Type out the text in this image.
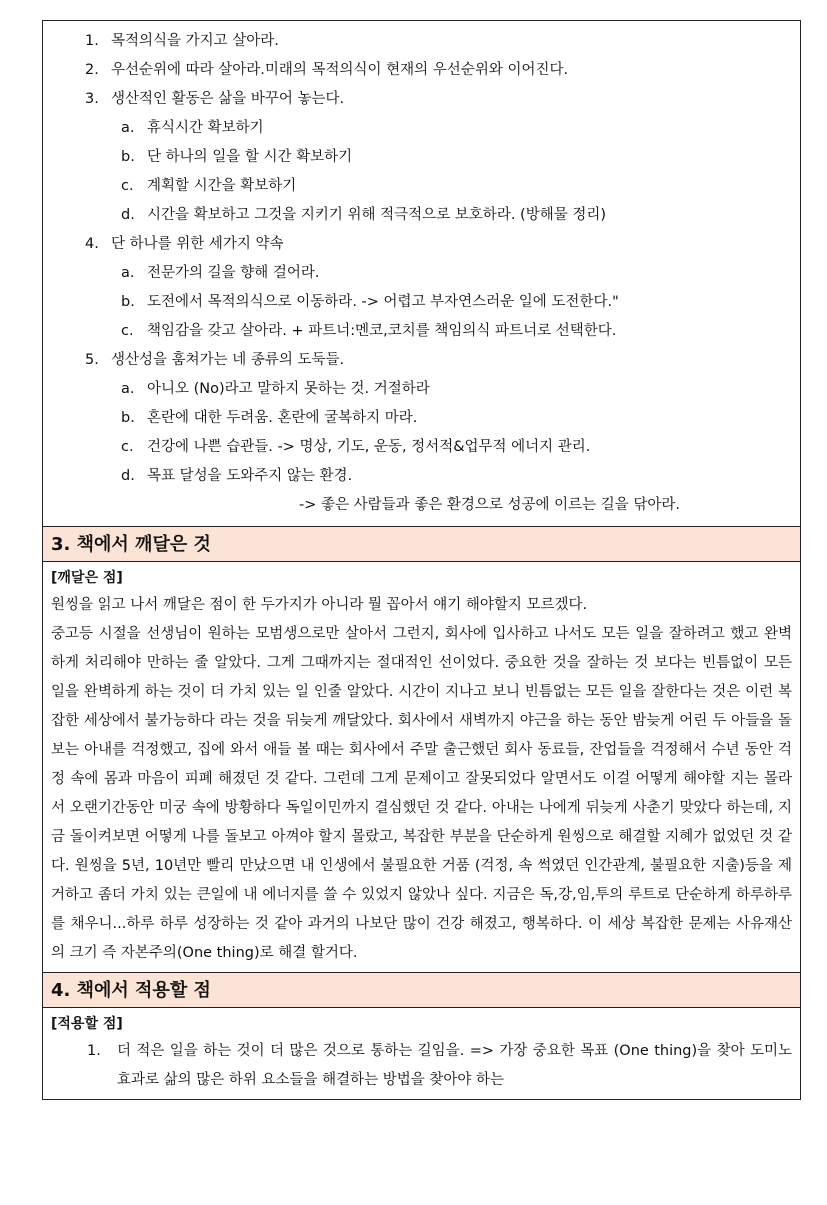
1. 목적의식을 가지고 살아라.
2. 우선순위에 따라 살아라.미래의 목적의식이 현재의 우선순위와 이어진다.
3. 생산적인 활동은 삶을 바꾸어 놓는다.
a. 휴식시간 확보하기
b. 단 하나의 일을 할 시간 확보하기
c. 계획할 시간을 확보하기
d. 시간을 확보하고 그것을 지키기 위해 적극적으로 보호하라. (방해물 정리)
4. 단 하나를 위한 세가지 약속
a. 전문가의 길을 향해 걸어라.
b. 도전에서 목적의식으로 이동하라. -> 어렵고 부자연스러운 일에 도전한다."
c. 책임감을 갖고 살아라. + 파트너:멘코,코치를 책임의식 파트너로 선택한다.
5. 생산성을 훔쳐가는 네 종류의 도둑들.
a. 아니오 (No)라고 말하지 못하는 것. 거절하라
b. 혼란에 대한 두려움. 혼란에 굴복하지 마라.
c. 건강에 나쁜 습관들. -> 명상, 기도, 운동, 정서적&업무적 에너지 관리.
d. 목표 달성을 도와주지 않는 환경.
-> 좋은 사람들과 좋은 환경으로 성공에 이르는 길을 닦아라.
3. 책에서 깨달은 것
[깨달은 점]

원씽을 읽고 나서 깨달은 점이 한 두가지가 아니라 뭘 꼽아서 얘기 해야할지 모르겠다.

중고등 시절을 선생님이 원하는 모범생으로만 살아서 그런지, 회사에 입사하고 나서도 모든 일을 잘하려고 했고 완벽하게 처리해야 만하는 줄 알았다. 그게 그때까지는 절대적인 선이었다. 중요한 것을 잘하는 것 보다는 빈틈없이 모든 일을 완벽하게 하는 것이 더 가치 있는 일 인줄 알았다. 시간이 지나고 보니 빈틈없는 모든 일을 잘한다는 것은 이런 복잡한 세상에서 불가능하다 라는 것을 뒤늦게 깨달았다. 회사에서 새벽까지 야근을 하는 동안 밤늦게 어린 두 아들을 돌보는 아내를 걱정했고, 집에 와서 애들 볼 때는 회사에서 주말 출근했던 회사 동료들, 잔업들을 걱정해서 수년 동안 걱정 속에 몸과 마음이 피폐 해졌던 것 같다. 그런데 그게 문제이고 잘못되었다 알면서도 이걸 어떻게 해야할 지는 몰라서 오랜기간동안 미궁 속에 방황하다 독일이민까지 결심했던 것 같다. 아내는 나에게 뒤늦게 사춘기 맞았다 하는데, 지금 돌이켜보면 어떻게 나를 돌보고 아껴야 할지 몰랐고, 복잡한 부분을 단순하게 원씽으로 해결할 지혜가 없었던 것 같다. 원씽을 5년, 10년만 빨리 만났으면 내 인생에서 불필요한 거품 (걱정, 속 썩였던 인간관계, 불필요한 지출)등을 제거하고 좀더 가치 있는 큰일에 내 에너지를 쓸 수 있었지 않았나 싶다. 지금은 독,강,임,투의 루트로 단순하게 하루하루를 채우니...하루 하루 성장하는 것 같아 과거의 나보단 많이 건강 해졌고, 행복하다. 이 세상 복잡한 문제는 사유재산의 크기 즉 자본주의(One thing)로 해결 할거다.

4. 책에서 적용할 점
[적용할 점]

1. 더 적은 일을 하는 것이 더 많은 것으로 통하는 길임을. => 가장 중요한 목표 (One thing)을 찾아 도미노 효과로 삶의 많은 하위 요소들을 해결하는 방법을 찾아야 하는
